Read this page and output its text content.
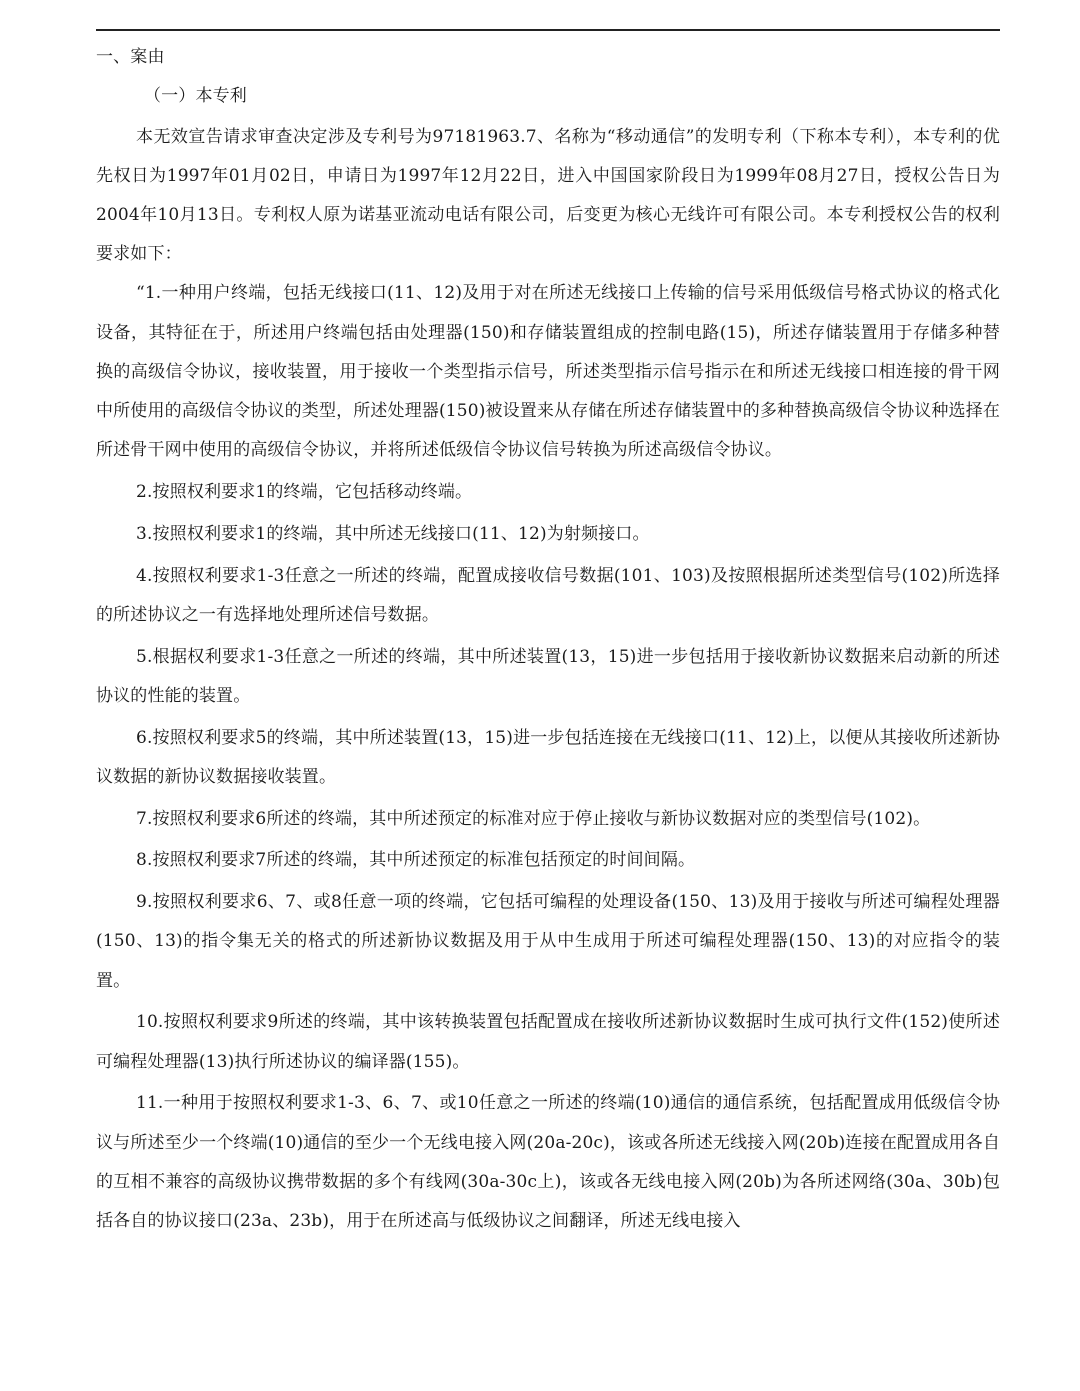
一、案由

（一）本专利

本无效宣告请求审查决定涉及专利号为97181963.7、名称为“移动通信”的发明专利（下称本专利），本专利的优先权日为1997年01月02日，申请日为1997年12月22日，进入中国国家阶段日为1999年08月27日，授权公告日为2004年10月13日。专利权人原为诺基亚流动电话有限公司，后变更为核心无线许可有限公司。本专利授权公告的权利要求如下：

“1.一种用户终端，包括无线接口(11、12)及用于对在所述无线接口上传输的信号采用低级信号格式协议的格式化设备，其特征在于，所述用户终端包括由处理器(150)和存储装置组成的控制电路(15)，所述存储装置用于存储多种替换的高级信令协议，接收装置，用于接收一个类型指示信号，所述类型指示信号指示在和所述无线接口相连接的骨干网中所使用的高级信令协议的类型，所述处理器(150)被设置来从存储在所述存储装置中的多种替换高级信令协议种选择在所述骨干网中使用的高级信令协议，并将所述低级信令协议信号转换为所述高级信令协议。

2.按照权利要求1的终端，它包括移动终端。

3.按照权利要求1的终端，其中所述无线接口(11、12)为射频接口。

4.按照权利要求1-3任意之一所述的终端，配置成接收信号数据(101、103)及按照根据所述类型信号(102)所选择的所述协议之一有选择地处理所述信号数据。

5.根据权利要求1-3任意之一所述的终端，其中所述装置(13，15)进一步包括用于接收新协议数据来启动新的所述协议的性能的装置。

6.按照权利要求5的终端，其中所述装置(13，15)进一步包括连接在无线接口(11、12)上，以便从其接收所述新协议数据的新协议数据接收装置。

7.按照权利要求6所述的终端，其中所述预定的标准对应于停止接收与新协议数据对应的类型信号(102)。

8.按照权利要求7所述的终端，其中所述预定的标准包括预定的时间间隔。

9.按照权利要求6、7、或8任意一项的终端，它包括可编程的处理设备(150、13)及用于接收与所述可编程处理器(150、13)的指令集无关的格式的所述新协议数据及用于从中生成用于所述可编程处理器(150、13)的对应指令的装置。

10.按照权利要求9所述的终端，其中该转换装置包括配置成在接收所述新协议数据时生成可执行文件(152)使所述可编程处理器(13)执行所述协议的编译器(155)。

11.一种用于按照权利要求1-3、6、7、或10任意之一所述的终端(10)通信的通信系统，包括配置成用低级信令协议与所述至少一个终端(10)通信的至少一个无线电接入网(20a-20c)，该或各所述无线接入网(20b)连接在配置成用各自的互相不兼容的高级协议携带数据的多个有线网(30a-30c上)，该或各无线电接入网(20b)为各所述网络(30a、30b)包括各自的协议接口(23a、23b)，用于在所述高与低级协议之间翻译，所述无线电接入
